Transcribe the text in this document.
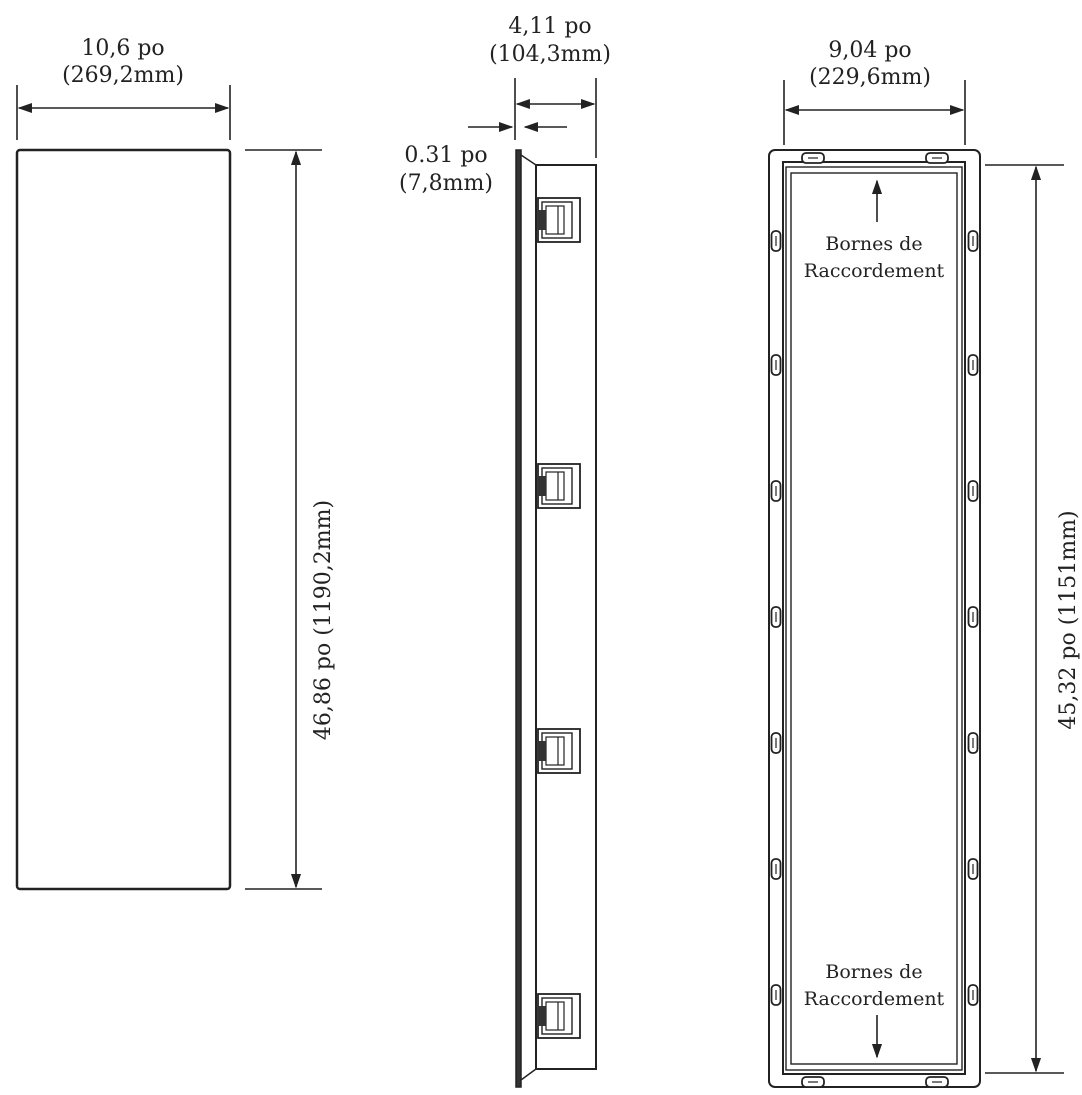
10,6 po
(269,2mm)
46,86 po (1190,2mm)
4,11 po
(104,3mm)
0.31 po
(7,8mm)
Bornes de
Raccordement
Bornes de
Raccordement
9,04 po
(229,6mm)
45,32 po (1151mm)
